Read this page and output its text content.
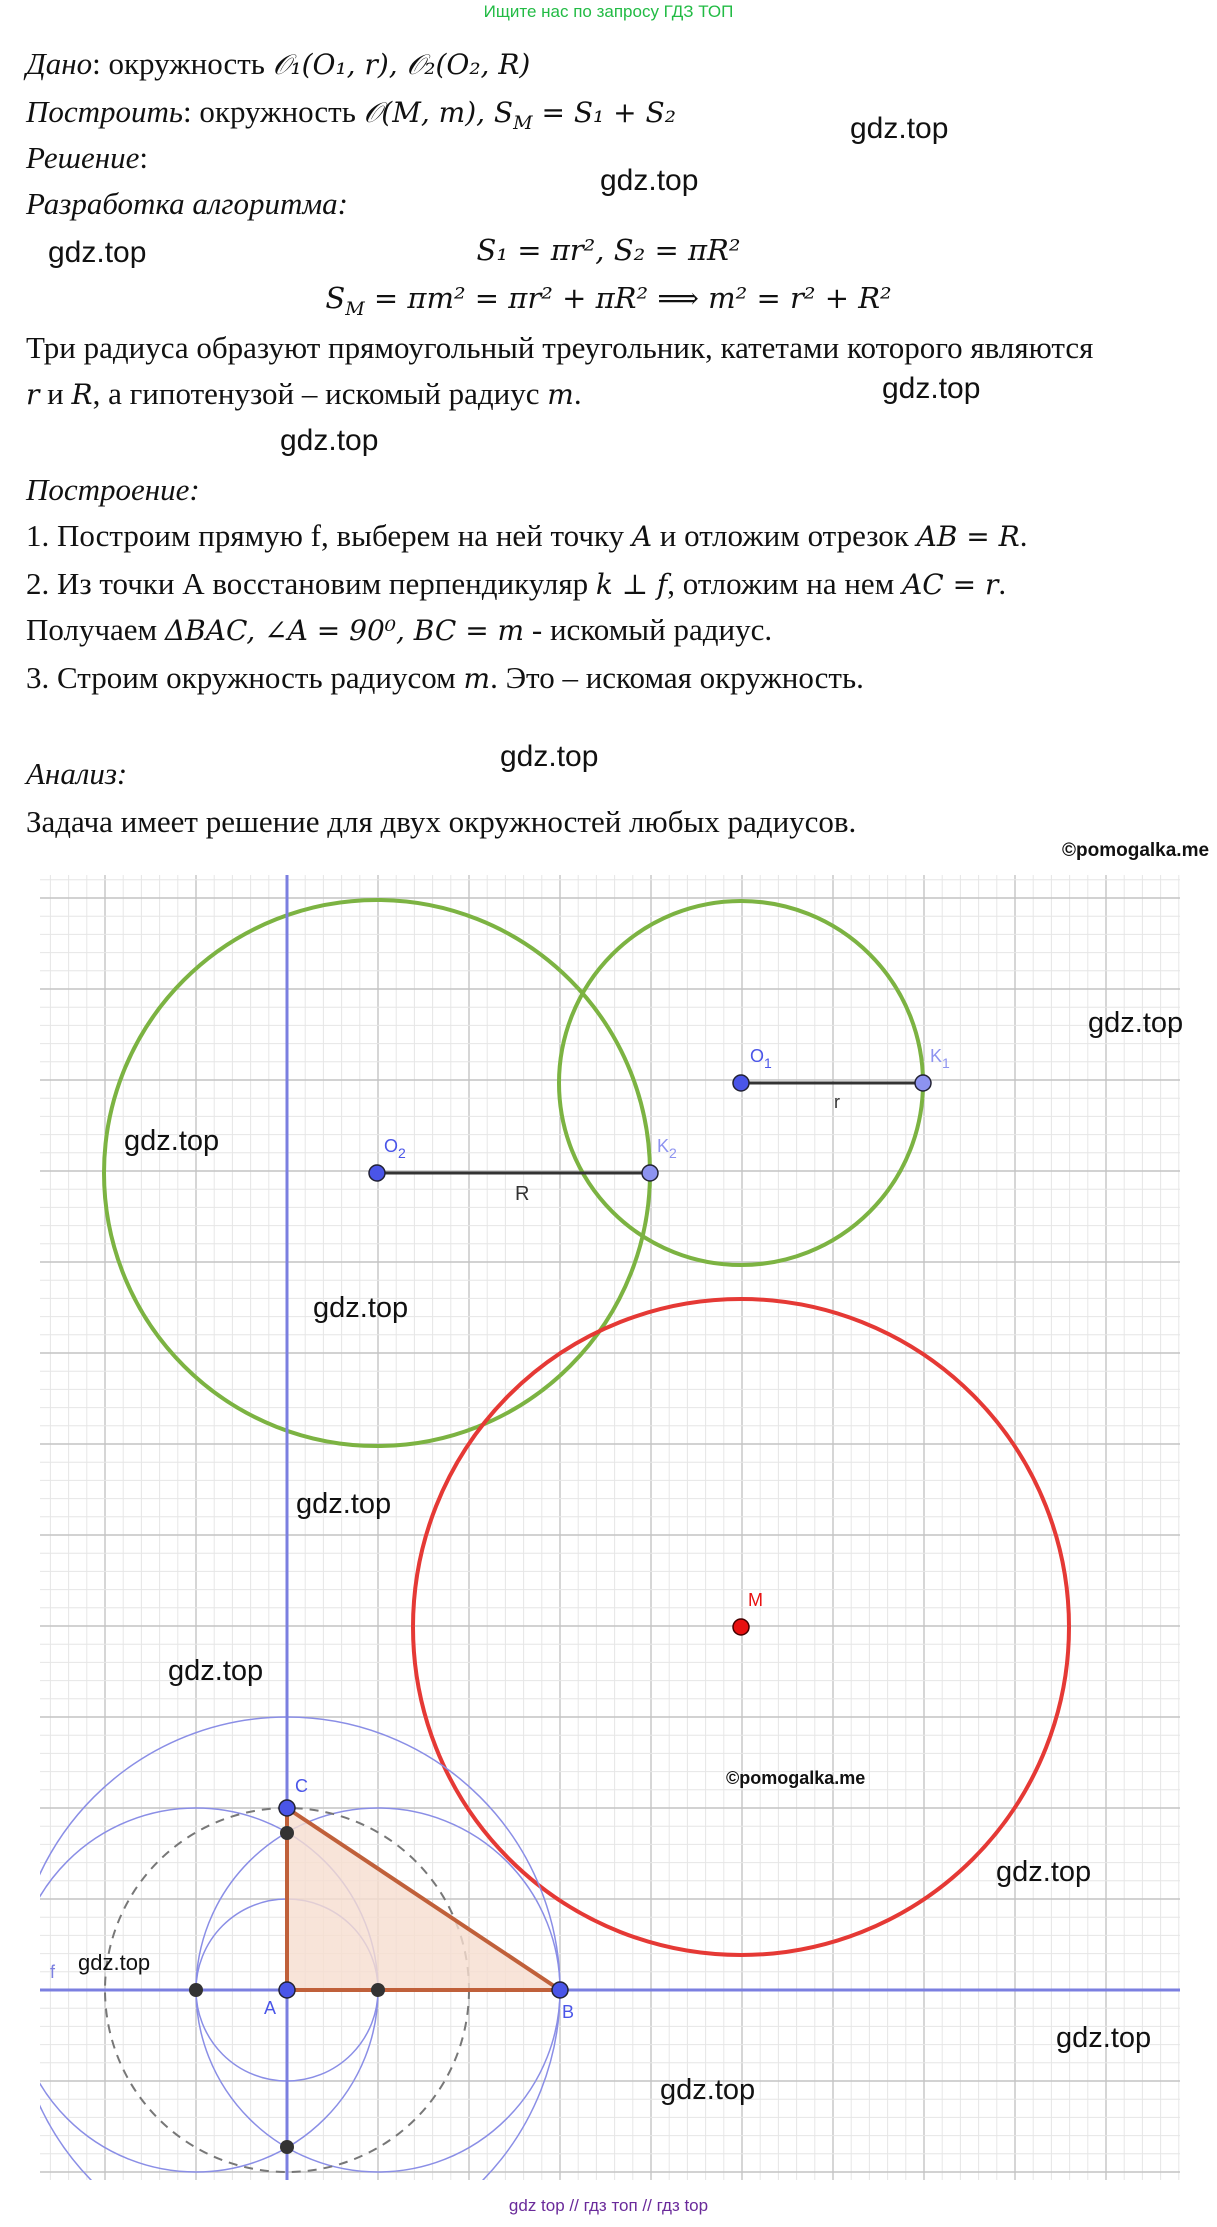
Ищите нас по запросу ГДЗ ТОП
Дано: окружность 𝒪₁(O₁, r), 𝒪₂(O₂, R)
Построить: окружность 𝒪(M, m), $S_M = S_1 + S_2$
Решение:
Разработка алгоритма:
S₁ = πr², S₂ = πR²
$S_M = \pi m^2 = \pi r^2 + \pi R^2$ ⟹ m² = r² + R²
Три радиуса образуют прямоугольный треугольник, катетами которого являются
r и R, а гипотенузой – искомый радиус m.
Построение:
1. Построим прямую f, выберем на ней точку A и отложим отрезок AB = R.
2. Из точки А восстановим перпендикуляр k ⊥ f, отложим на нем AC = r.
Получаем ΔBAC, ∠A = 90⁰, BC = m - искомый радиус.
3. Строим окружность радиусом m. Это – искомая окружность.
Анализ:
Задача имеет решение для двух окружностей любых радиусов.
©pomogalka.me
gdz.top
gdz.top
gdz.top
gdz.top
gdz.top
gdz.top
$O_1$	$K_1$
$O_2$	$K_2$
r
R
M
C
A	B
f
©pomogalka.me
gdz.top
gdz.top
gdz.top
gdz.top
gdz.top
gdz.top
gdz.top
gdz.top
gdz.top
gdz top // гдз топ // гдз top
